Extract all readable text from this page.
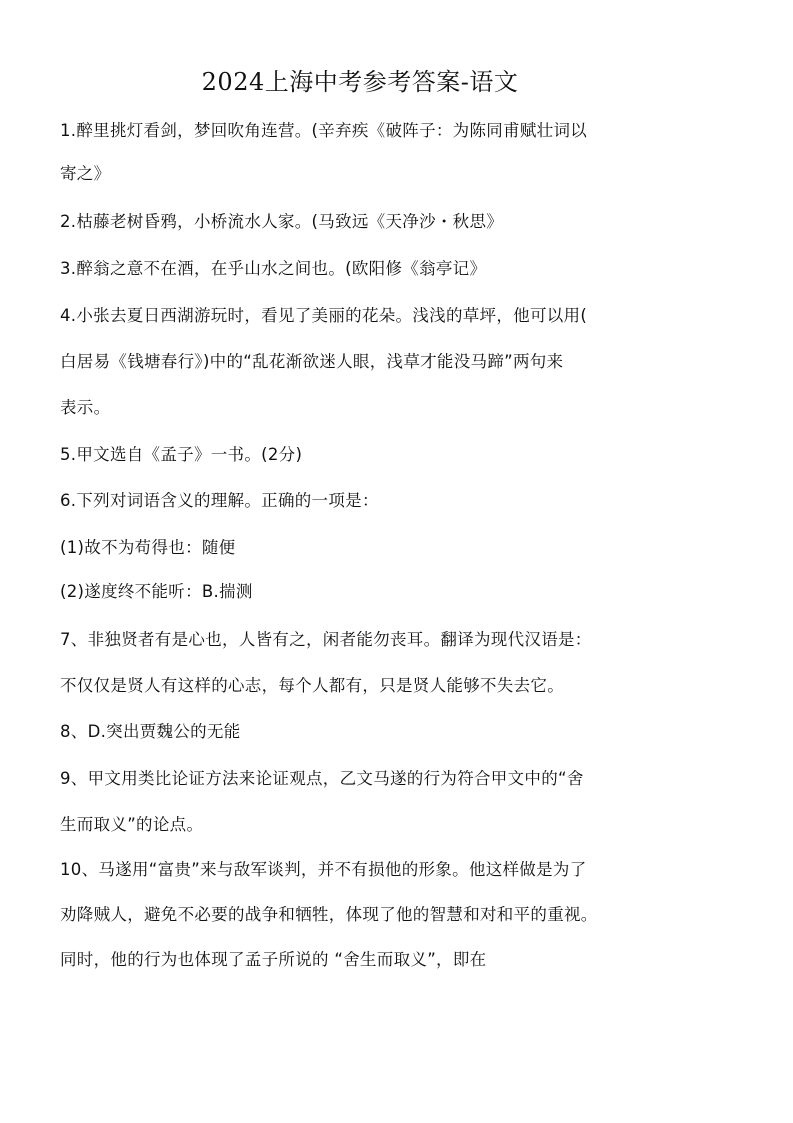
2024上海中考参考答案-语文
1.醉里挑灯看剑，梦回吹角连营。(辛弃疾《破阵子：为陈同甫赋壮词以
寄之》
2.枯藤老树昏鸦，小桥流水人家。(马致远《天净沙・秋思》
3.醉翁之意不在酒，在乎山水之间也。(欧阳修《翁亭记》
4.小张去夏日西湖游玩时，看见了美丽的花朵。浅浅的草坪，他可以用(
白居易《钱塘春行》)中的“乱花渐欲迷人眼，浅草才能没马蹄”两句来
表示。
5.甲文选自《孟子》一书。(2分)
6.下列对词语含义的理解。正确的一项是：
(1)故不为苟得也：随便
(2)遂度终不能听：B.揣测
7、非独贤者有是心也，人皆有之，闲者能勿丧耳。翻译为现代汉语是：
不仅仅是贤人有这样的心志，每个人都有，只是贤人能够不失去它。
8、D.突出贾魏公的无能
9、甲文用类比论证方法来论证观点，乙文马遂的行为符合甲文中的“舍
生而取义”的论点。
10、马遂用“富贵”来与敌军谈判，并不有损他的形象。他这样做是为了
劝降贼人，避免不必要的战争和牺牲，体现了他的智慧和对和平的重视。
同时，他的行为也体现了孟子所说的 “舍生而取义”，即在
